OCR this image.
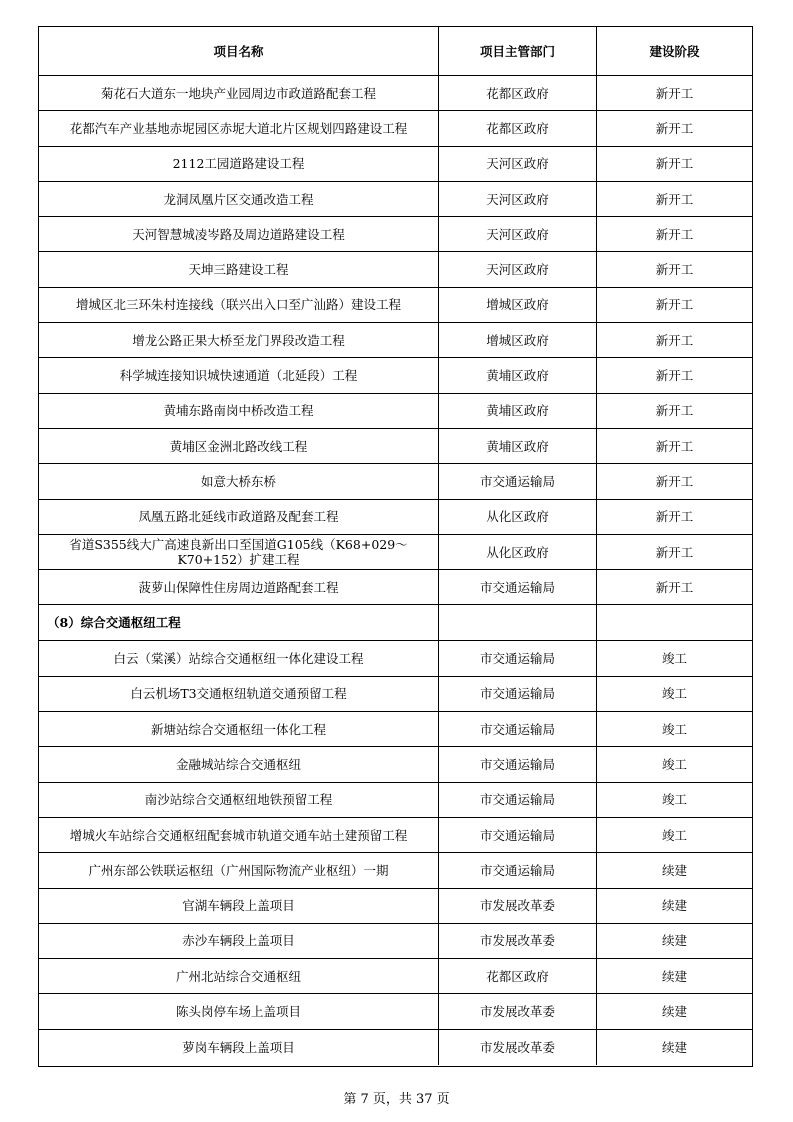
项目名称	项目主管部门	建设阶段
菊花石大道东一地块产业园周边市政道路配套工程	花都区政府	新开工
花都汽车产业基地赤坭园区赤坭大道北片区规划四路建设工程	花都区政府	新开工
2112工园道路建设工程	天河区政府	新开工
龙洞凤凰片区交通改造工程	天河区政府	新开工
天河智慧城凌岑路及周边道路建设工程	天河区政府	新开工
天坤三路建设工程	天河区政府	新开工
增城区北三环朱村连接线（联兴出入口至广汕路）建设工程	增城区政府	新开工
增龙公路正果大桥至龙门界段改造工程	增城区政府	新开工
科学城连接知识城快速通道（北延段）工程	黄埔区政府	新开工
黄埔东路南岗中桥改造工程	黄埔区政府	新开工
黄埔区金洲北路改线工程	黄埔区政府	新开工
如意大桥东桥	市交通运输局	新开工
凤凰五路北延线市政道路及配套工程	从化区政府	新开工
省道S355线大广高速良新出口至国道G105线（K68+029～K70+152）扩建工程	从化区政府	新开工
菠萝山保障性住房周边道路配套工程	市交通运输局	新开工
（8）综合交通枢纽工程
白云（棠溪）站综合交通枢纽一体化建设工程	市交通运输局	竣工
白云机场T3交通枢纽轨道交通预留工程	市交通运输局	竣工
新塘站综合交通枢纽一体化工程	市交通运输局	竣工
金融城站综合交通枢纽	市交通运输局	竣工
南沙站综合交通枢纽地铁预留工程	市交通运输局	竣工
增城火车站综合交通枢纽配套城市轨道交通车站土建预留工程	市交通运输局	竣工
广州东部公铁联运枢纽（广州国际物流产业枢纽）一期	市交通运输局	续建
官湖车辆段上盖项目	市发展改革委	续建
赤沙车辆段上盖项目	市发展改革委	续建
广州北站综合交通枢纽	花都区政府	续建
陈头岗停车场上盖项目	市发展改革委	续建
萝岗车辆段上盖项目	市发展改革委	续建
第 7 页，共 37 页
